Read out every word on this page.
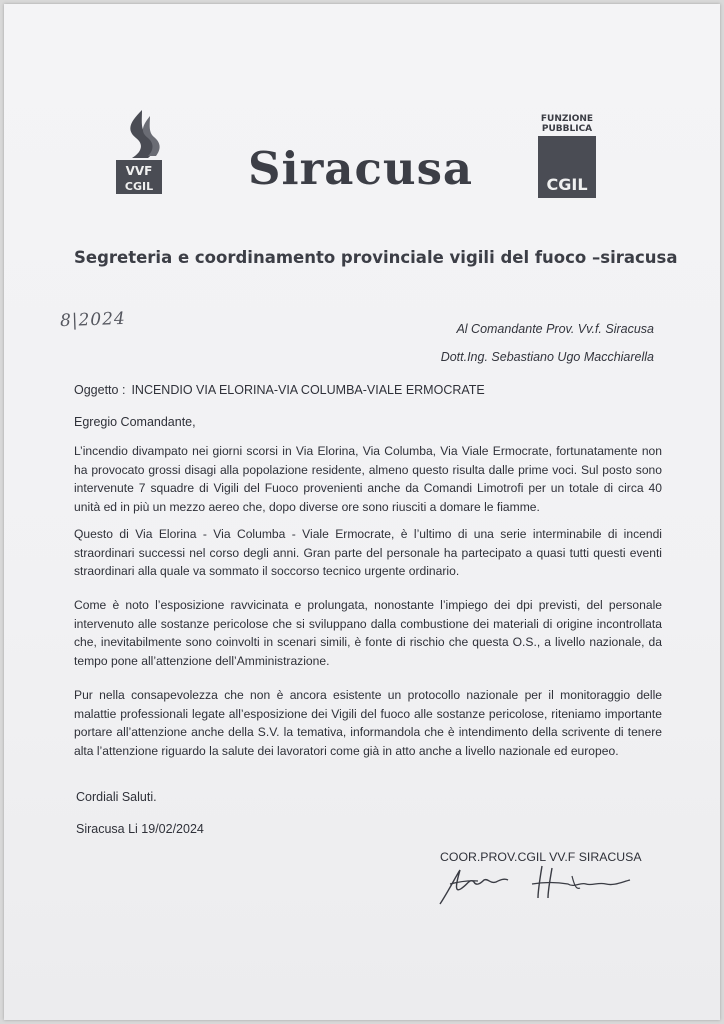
VVF
CGIL Siracusa
FUNZIONE
PUBBLICA
CGIL
Segreteria e coordinamento provinciale vigili del fuoco –siracusa
8|2024	Al Comandante Prov. Vv.f. Siracusa
Dott.Ing. Sebastiano Ugo Macchiarella
Oggetto : INCENDIO VIA ELORINA-VIA COLUMBA-VIALE ERMOCRATE
Egregio Comandante,
L’incendio divampato nei giorni scorsi in Via Elorina, Via Columba, Via Viale Ermocrate, fortunatamente non ha provocato grossi disagi alla popolazione residente, almeno questo risulta dalle prime voci. Sul posto sono intervenute 7 squadre di Vigili del Fuoco provenienti anche da Comandi Limotrofi per un totale di circa 40 unità ed in più un mezzo aereo che, dopo diverse ore sono riusciti a domare le fiamme.
Questo di Via Elorina - Via Columba - Viale Ermocrate, è l’ultimo di una serie interminabile di incendi straordinari successi nel corso degli anni. Gran parte del personale ha partecipato a quasi tutti questi eventi straordinari alla quale va sommato il soccorso tecnico urgente ordinario.
Come è noto l’esposizione ravvicinata e prolungata, nonostante l’impiego dei dpi previsti, del personale intervenuto alle sostanze pericolose che si sviluppano dalla combustione dei materiali di origine incontrollata che, inevitabilmente sono coinvolti in scenari simili, è fonte di rischio che questa O.S., a livello nazionale, da tempo pone all’attenzione dell’Amministrazione.
Pur nella consapevolezza che non è ancora esistente un protocollo nazionale per il monitoraggio delle malattie professionali legate all’esposizione dei Vigili del fuoco alle sostanze pericolose, riteniamo importante portare all’attenzione anche della S.V. la temativa, informandola che è intendimento della scrivente di tenere alta l’attenzione riguardo la salute dei lavoratori come già in atto anche a livello nazionale ed europeo.
Cordiali Saluti.
Siracusa Li 19/02/2024
COOR.PROV.CGIL VV.F SIRACUSA
